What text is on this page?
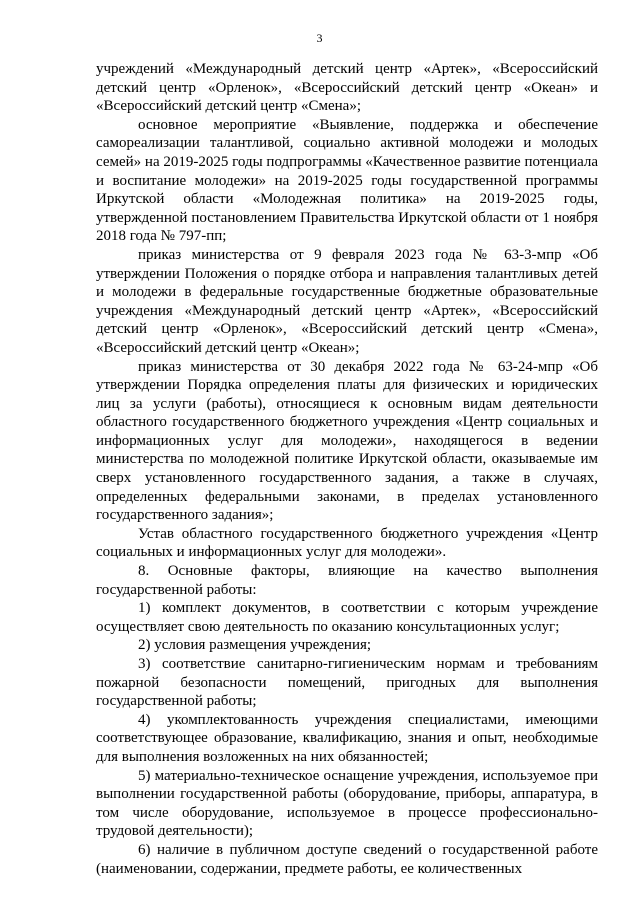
3

учреждений «Международный детский центр «Артек», «Всероссийский детский центр «Орленок», «Всероссийский детский центр «Океан» и «Всероссийский детский центр «Смена»;

основное мероприятие «Выявление, поддержка и обеспечение самореализации талантливой, социально активной молодежи и молодых семей» на 2019-2025 годы подпрограммы «Качественное развитие потенциала и воспитание молодежи» на 2019-2025 годы государственной программы Иркутской области «Молодежная политика» на 2019-2025 годы, утвержденной постановлением Правительства Иркутской области от 1 ноября 2018 года № 797-пп;

приказ министерства от 9 февраля 2023 года № 63-3-мпр «Об утверждении Положения о порядке отбора и направления талантливых детей и молодежи в федеральные государственные бюджетные образовательные учреждения «Международный детский центр «Артек», «Всероссийский детский центр «Орленок», «Всероссийский детский центр «Смена», «Всероссийский детский центр «Океан»;

приказ министерства от 30 декабря 2022 года № 63-24-мпр «Об утверждении Порядка определения платы для физических и юридических лиц за услуги (работы), относящиеся к основным видам деятельности областного государственного бюджетного учреждения «Центр социальных и информационных услуг для молодежи», находящегося в ведении министерства по молодежной политике Иркутской области, оказываемые им сверх установленного государственного задания, а также в случаях, определенных федеральными законами, в пределах установленного государственного задания»;

Устав областного государственного бюджетного учреждения «Центр социальных и информационных услуг для молодежи».

8. Основные факторы, влияющие на качество выполнения государственной работы:

1) комплект документов, в соответствии с которым учреждение осуществляет свою деятельность по оказанию консультационных услуг;

2) условия размещения учреждения;

3) соответствие санитарно-гигиеническим нормам и требованиям пожарной безопасности помещений, пригодных для выполнения государственной работы;

4) укомплектованность учреждения специалистами, имеющими соответствующее образование, квалификацию, знания и опыт, необходимые для выполнения возложенных на них обязанностей;

5) материально-техническое оснащение учреждения, используемое при выполнении государственной работы (оборудование, приборы, аппаратура, в том числе оборудование, используемое в процессе профессионально-трудовой деятельности);

6) наличие в публичном доступе сведений о государственной работе (наименовании, содержании, предмете работы, ее количественных
